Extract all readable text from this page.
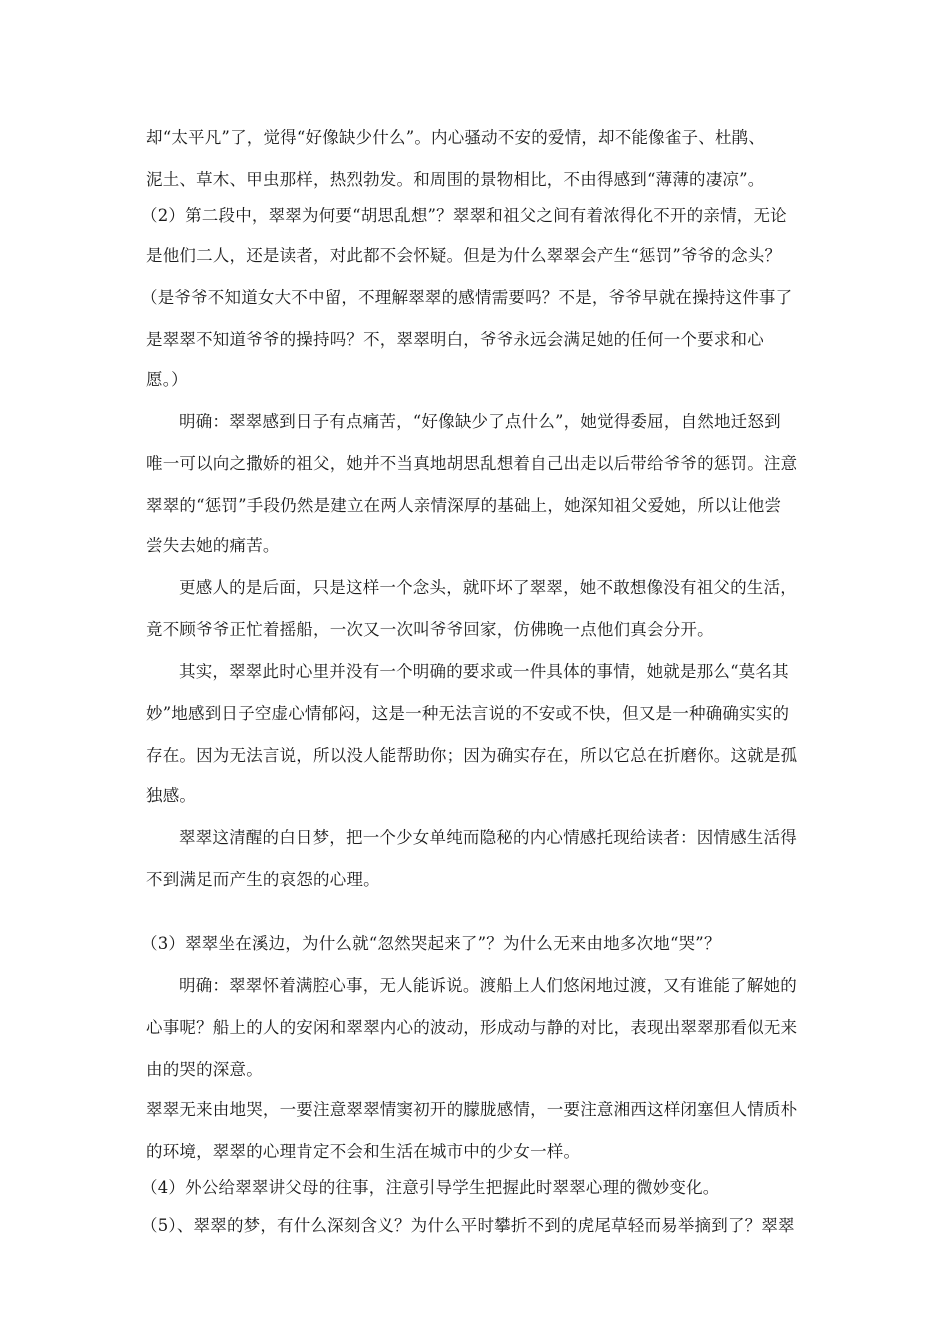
却“太平凡”了，觉得“好像缺少什么”。内心骚动不安的爱情，却不能像雀子、杜鹃、
泥土、草木、甲虫那样，热烈勃发。和周围的景物相比，不由得感到“薄薄的凄凉”。
（2）第二段中，翠翠为何要“胡思乱想”？翠翠和祖父之间有着浓得化不开的亲情，无论
是他们二人，还是读者，对此都不会怀疑。但是为什么翠翠会产生“惩罚”爷爷的念头？
（是爷爷不知道女大不中留，不理解翠翠的感情需要吗？不是，爷爷早就在操持这件事了
是翠翠不知道爷爷的操持吗？不，翠翠明白，爷爷永远会满足她的任何一个要求和心
愿。）
明确：翠翠感到日子有点痛苦，“好像缺少了点什么”，她觉得委屈，自然地迁怒到
唯一可以向之撒娇的祖父，她并不当真地胡思乱想着自己出走以后带给爷爷的惩罚。注意
翠翠的“惩罚”手段仍然是建立在两人亲情深厚的基础上，她深知祖父爱她，所以让他尝
尝失去她的痛苦。
更感人的是后面，只是这样一个念头，就吓坏了翠翠，她不敢想像没有祖父的生活，
竟不顾爷爷正忙着摇船，一次又一次叫爷爷回家，仿佛晚一点他们真会分开。
其实，翠翠此时心里并没有一个明确的要求或一件具体的事情，她就是那么“莫名其
妙”地感到日子空虚心情郁闷，这是一种无法言说的不安或不快，但又是一种确确实实的
存在。因为无法言说，所以没人能帮助你；因为确实存在，所以它总在折磨你。这就是孤
独感。
翠翠这清醒的白日梦，把一个少女单纯而隐秘的内心情感托现给读者：因情感生活得
不到满足而产生的哀怨的心理。
（3）翠翠坐在溪边，为什么就“忽然哭起来了”？为什么无来由地多次地“哭”？
明确：翠翠怀着满腔心事，无人能诉说。渡船上人们悠闲地过渡，又有谁能了解她的
心事呢？船上的人的安闲和翠翠内心的波动，形成动与静的对比，表现出翠翠那看似无来
由的哭的深意。
翠翠无来由地哭，一要注意翠翠情窦初开的朦胧感情，一要注意湘西这样闭塞但人情质朴
的环境，翠翠的心理肯定不会和生活在城市中的少女一样。
（4）外公给翠翠讲父母的往事，注意引导学生把握此时翠翠心理的微妙变化。
（5）、翠翠的梦，有什么深刻含义？为什么平时攀折不到的虎尾草轻而易举摘到了？翠翠
